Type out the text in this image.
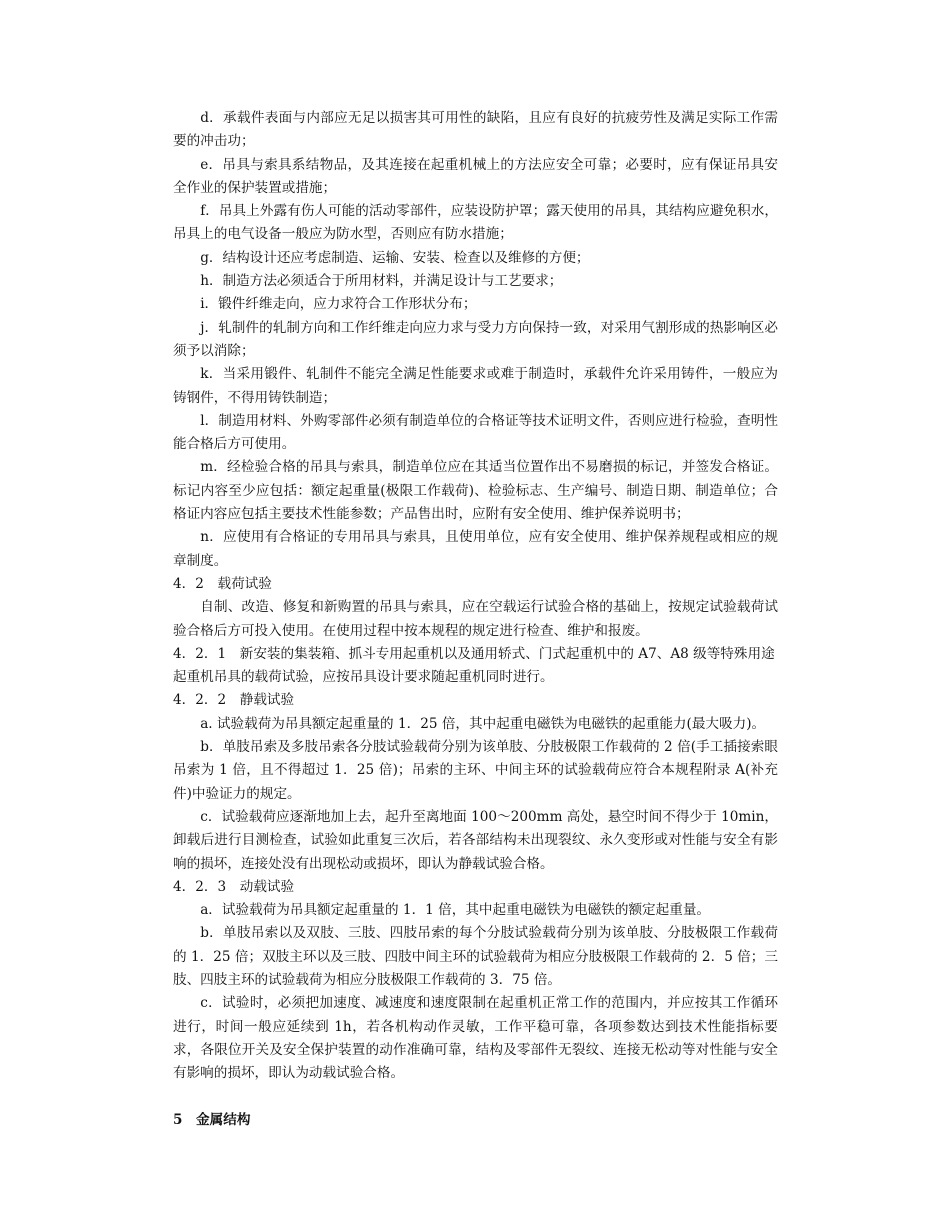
d．承载件表面与内部应无足以损害其可用性的缺陷，且应有良好的抗疲劳性及满足实际工作需要的冲击功；

e．吊具与索具系结物品，及其连接在起重机械上的方法应安全可靠；必要时，应有保证吊具安全作业的保护装置或措施；

f．吊具上外露有伤人可能的活动零部件，应装设防护罩；露天使用的吊具，其结构应避免积水，吊具上的电气设备一般应为防水型，否则应有防水措施；

g．结构设计还应考虑制造、运输、安装、检查以及维修的方便；

h．制造方法必须适合于所用材料，并满足设计与工艺要求；

i．锻件纤维走向，应力求符合工作形状分布；

j．轧制件的轧制方向和工作纤维走向应力求与受力方向保持一致，对采用气割形成的热影响区必须予以消除；

k．当采用锻件、轧制件不能完全满足性能要求或难于制造时，承载件允许采用铸件，一般应为铸钢件，不得用铸铁制造；

l．制造用材料、外购零部件必须有制造单位的合格证等技术证明文件，否则应进行检验，查明性能合格后方可使用。

m．经检验合格的吊具与索具，制造单位应在其适当位置作出不易磨损的标记，并签发合格证。标记内容至少应包括：额定起重量(极限工作载荷)、检验标志、生产编号、制造日期、制造单位；合格证内容应包括主要技术性能参数；产品售出时，应附有安全使用、维护保养说明书；

n．应使用有合格证的专用吊具与索具，且使用单位，应有安全使用、维护保养规程或相应的规章制度。

4．2　载荷试验

自制、改造、修复和新购置的吊具与索具，应在空载运行试验合格的基础上，按规定试验载荷试验合格后方可投入使用。在使用过程中按本规程的规定进行检查、维护和报废。

4．2．1　新安装的集装箱、抓斗专用起重机以及通用轿式、门式起重机中的 A7、A8 级等特殊用途起重机吊具的载荷试验，应按吊具设计要求随起重机同时进行。

4．2．2　静载试验

a. 试验载荷为吊具额定起重量的 1．25 倍，其中起重电磁铁为电磁铁的起重能力(最大吸力)。

b．单肢吊索及多肢吊索各分肢试验载荷分别为该单肢、分肢极限工作载荷的 2 倍(手工插接索眼吊索为 1 倍，且不得超过 1．25 倍)；吊索的主环、中间主环的试验载荷应符合本规程附录 A(补充件)中验证力的规定。

c．试验载荷应逐渐地加上去，起升至离地面 100～200mm 高处，悬空时间不得少于 10min，卸载后进行目测检查，试验如此重复三次后，若各部结构未出现裂纹、永久变形或对性能与安全有影响的损坏，连接处没有出现松动或损坏，即认为静载试验合格。

4．2．3　动载试验

a．试验载荷为吊具额定起重量的 1．1 倍，其中起重电磁铁为电磁铁的额定起重量。

b．单肢吊索以及双肢、三肢、四肢吊索的每个分肢试验载荷分别为该单肢、分肢极限工作载荷的 1．25 倍；双肢主环以及三肢、四肢中间主环的试验载荷为相应分肢极限工作载荷的 2．5 倍；三肢、四肢主环的试验载荷为相应分肢极限工作载荷的 3．75 倍。

c．试验时，必须把加速度、减速度和速度限制在起重机正常工作的范围内，并应按其工作循环进行，时间一般应延续到 1h，若各机构动作灵敏，工作平稳可靠，各项参数达到技术性能指标要求，各限位开关及安全保护装置的动作准确可靠，结构及零部件无裂纹、连接无松动等对性能与安全有影响的损坏，即认为动载试验合格。

5　金属结构
